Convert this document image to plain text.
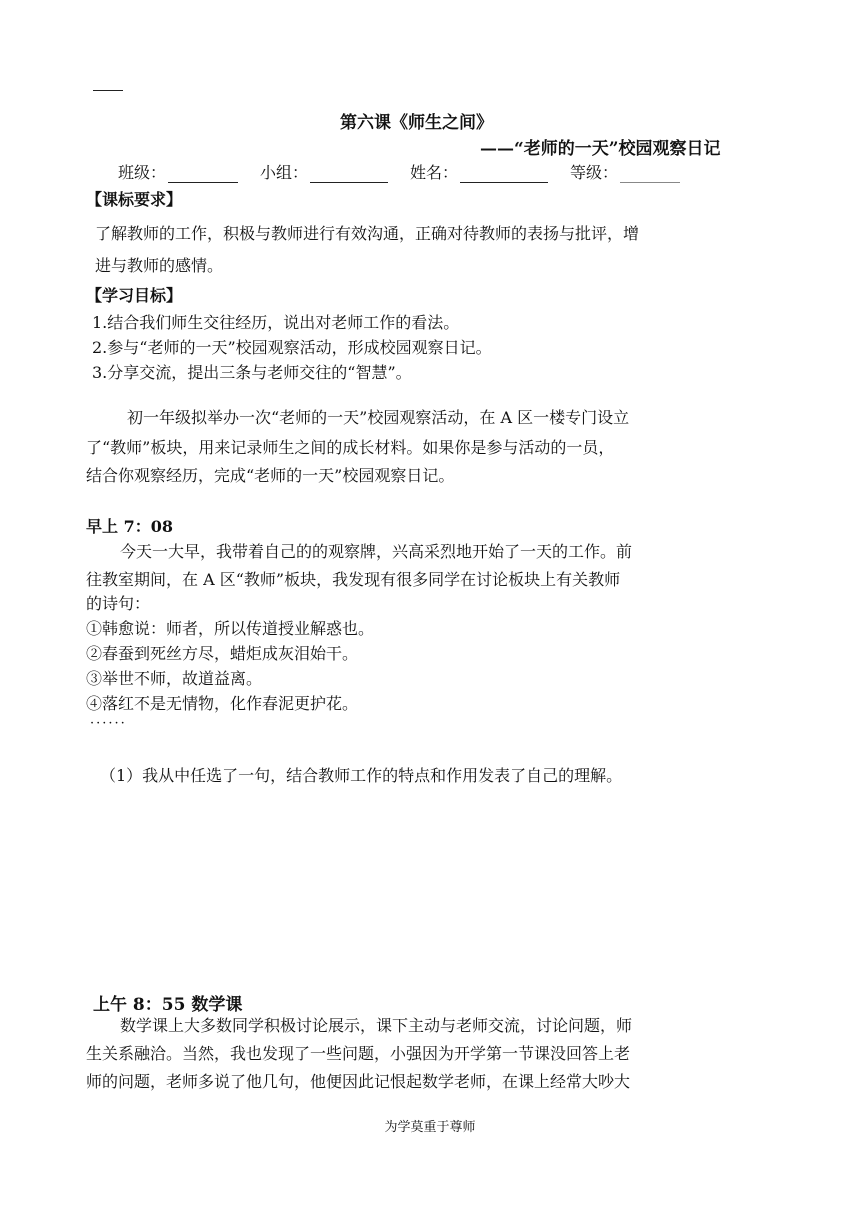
第六课《师生之间》
——“老师的一天”校园观察日记
班级：	小组：	姓名：	等级：
【课标要求】
了解教师的工作，积极与教师进行有效沟通，正确对待教师的表扬与批评，增
进与教师的感情。
【学习目标】
1.结合我们师生交往经历，说出对老师工作的看法。
2.参与“老师的一天”校园观察活动，形成校园观察日记。
3.分享交流，提出三条与老师交往的“智慧”。
初一年级拟举办一次“老师的一天”校园观察活动，在 A 区一楼专门设立
了“教师”板块，用来记录师生之间的成长材料。如果你是参与活动的一员，
结合你观察经历，完成“老师的一天”校园观察日记。
早上 7：08
今天一大早，我带着自己的的观察牌，兴高采烈地开始了一天的工作。前
往教室期间，在 A 区“教师”板块，我发现有很多同学在讨论板块上有关教师
的诗句：
①韩愈说：师者，所以传道授业解惑也。
②春蚕到死丝方尽，蜡炬成灰泪始干。
③举世不师，故道益离。
④落红不是无情物，化作春泥更护花。
······
（1）我从中任选了一句，结合教师工作的特点和作用发表了自己的理解。
上午 8：55 数学课
数学课上大多数同学积极讨论展示，课下主动与老师交流，讨论问题，师
生关系融洽。当然，我也发现了一些问题，小强因为开学第一节课没回答上老
师的问题，老师多说了他几句，他便因此记恨起数学老师，在课上经常大吵大
为学莫重于尊师
